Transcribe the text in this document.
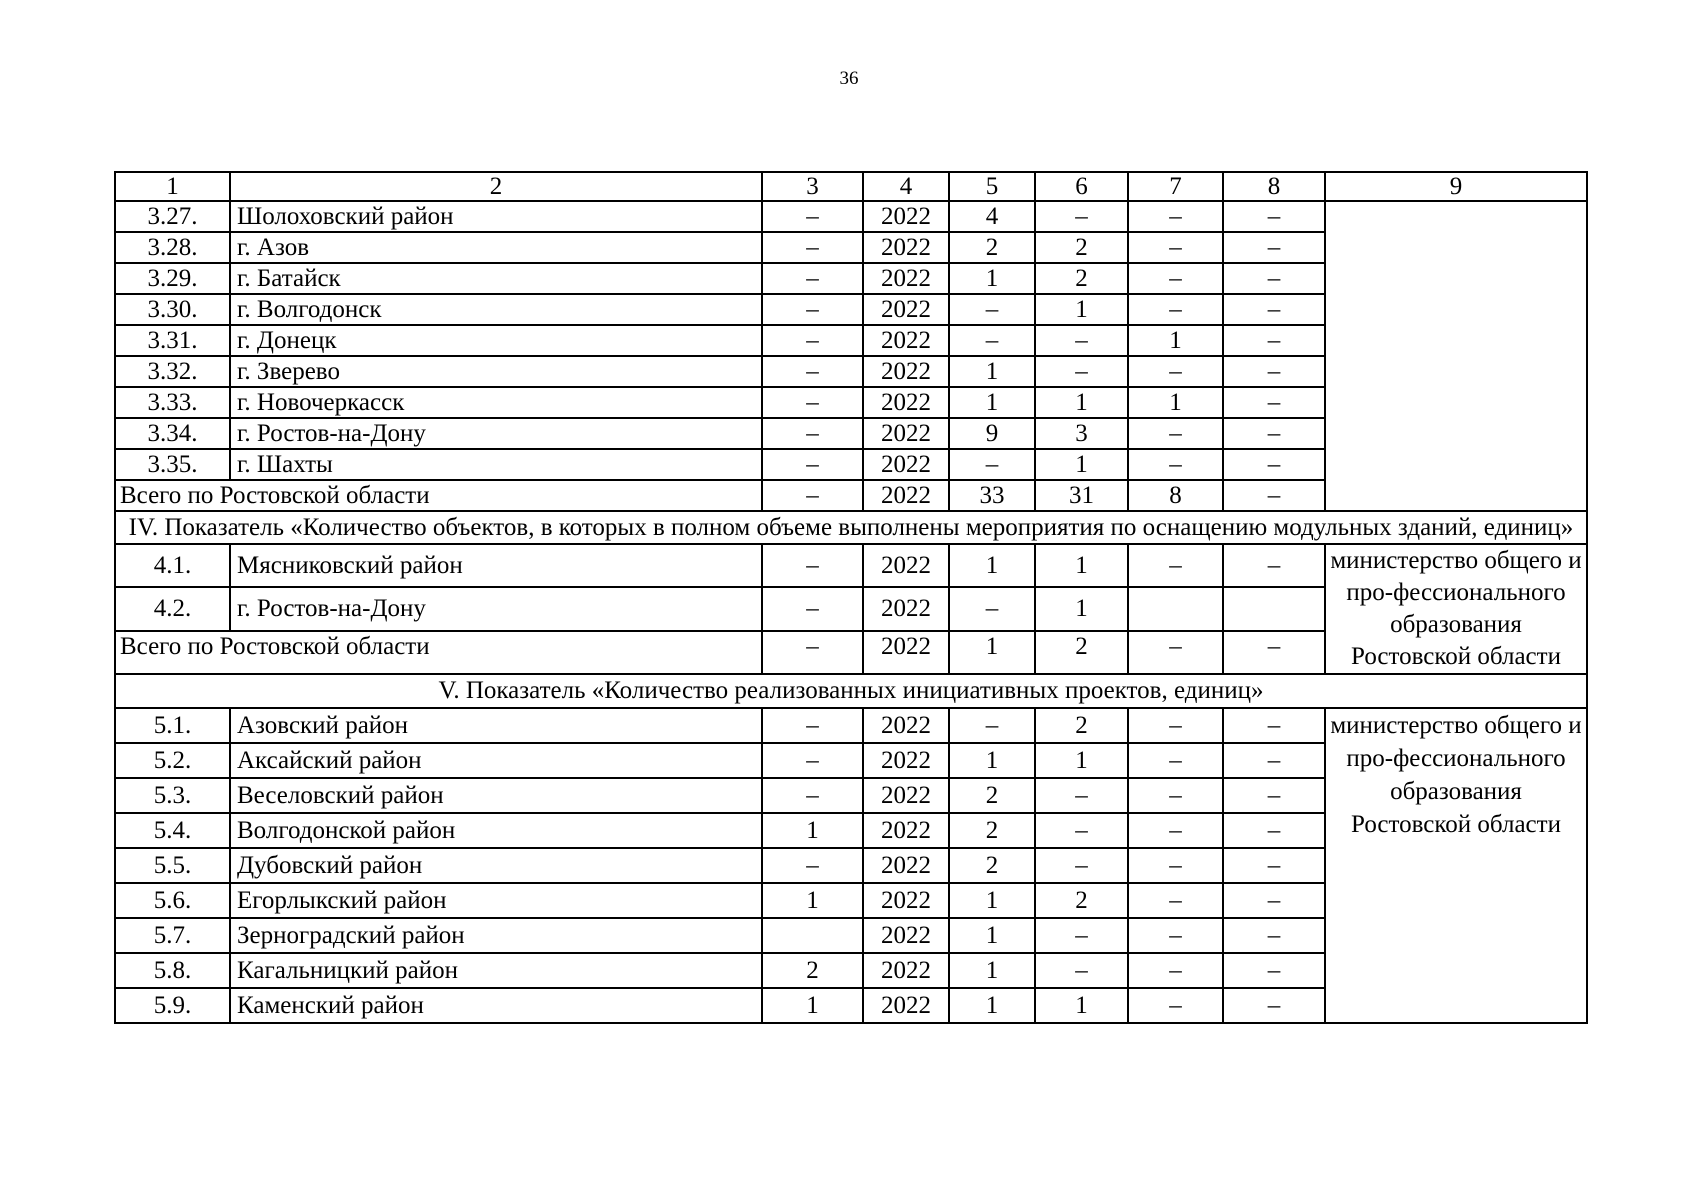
36
1	2	3	4	5	6	7	8	9
3.27.	Шолоховский район	–	2022	4	–	–	–	
3.28.	г. Азов	–	2022	2	2	–	–	
3.29.	г. Батайск	–	2022	1	2	–	–	
3.30.	г. Волгодонск	–	2022	–	1	–	–	
3.31.	г. Донецк	–	2022	–	–	1	–	
3.32.	г. Зверево	–	2022	1	–	–	–	
3.33.	г. Новочеркасск	–	2022	1	1	1	–	
3.34.	г. Ростов-на-Дону	–	2022	9	3	–	–	
3.35.	г. Шахты	–	2022	–	1	–	–	
Всего по Ростовской области		–	2022	33	31	8	–	
IV. Показатель «Количество объектов, в которых в полном объеме выполнены мероприятия по оснащению модульных зданий, единиц»								
4.1.	Мясниковский район	–	2022	1	1	–	–	министерство общего и про-фессионального образования Ростовской области
4.2.	г. Ростов-на-Дону	–	2022	–	1			
Всего по Ростовской области		–	2022	1	2	–	–	
V. Показатель «Количество реализованных инициативных проектов, единиц»								
5.1.	Азовский район	–	2022	–	2	–	–	министерство общего и про-фессионального образования Ростовской области
5.2.	Аксайский район	–	2022	1	1	–	–	
5.3.	Веселовский район	–	2022	2	–	–	–	
5.4.	Волгодонской район	1	2022	2	–	–	–	
5.5.	Дубовский район	–	2022	2	–	–	–	
5.6.	Егорлыкский район	1	2022	1	2	–	–	
5.7.	Зерноградский район		2022	1	–	–	–	
5.8.	Кагальницкий район	2	2022	1	–	–	–	
5.9.	Каменский район	1	2022	1	1	–	–	
